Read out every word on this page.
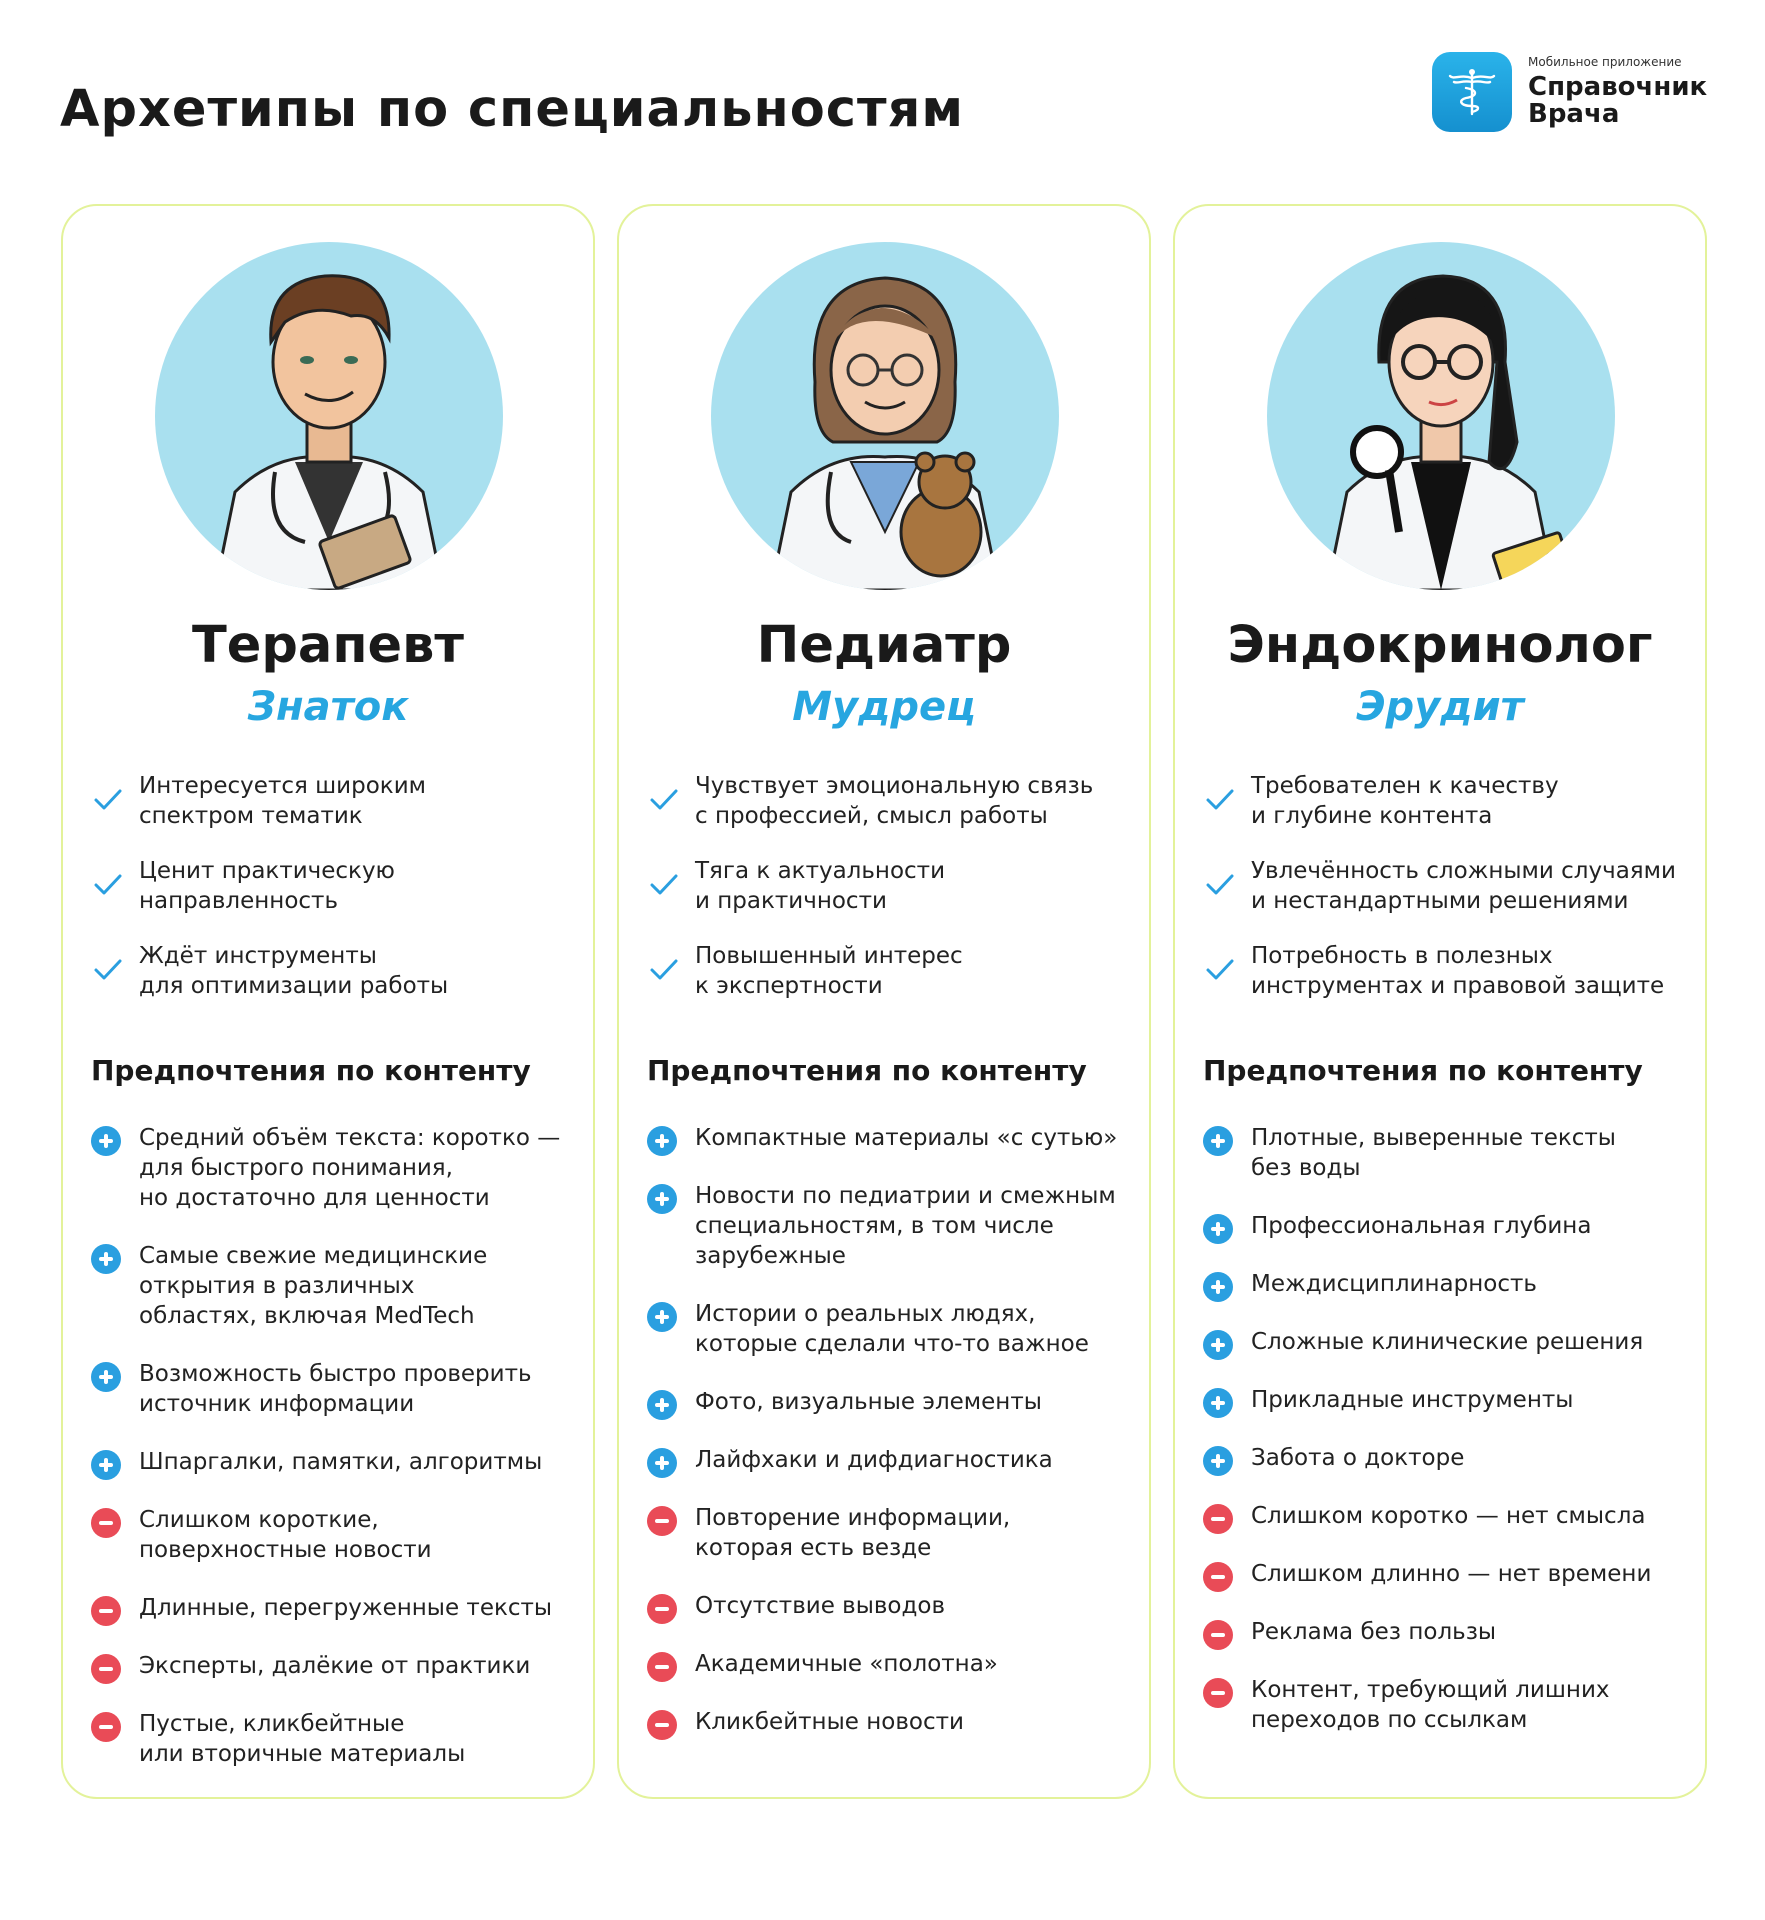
Архетипы по специальностям
Мобильное приложение
Справочник
Врача
Терапевт
Знаток
Интересуется широким
спектром тематик
Ценит практическую
направленность
Ждёт инструменты
для оптимизации работы
Предпочтения по контенту
Средний объём текста: коротко —
для быстрого понимания,
но достаточно для ценности
Самые свежие медицинские
открытия в различных
областях, включая MedTech
Возможность быстро проверить
источник информации
Шпаргалки, памятки, алгоритмы
Слишком короткие,
поверхностные новости
Длинные, перегруженные тексты
Эксперты, далёкие от практики
Пустые, кликбейтные
или вторичные материалы
Педиатр
Мудрец
Чувствует эмоциональную связь
с профессией, смысл работы
Тяга к актуальности
и практичности
Повышенный интерес
к экспертности
Предпочтения по контенту
Компактные материалы «с сутью»
Новости по педиатрии и смежным
специальностям, в том числе
зарубежные
Истории о реальных людях,
которые сделали что-то важное
Фото, визуальные элементы
Лайфхаки и дифдиагностика
Повторение информации,
которая есть везде
Отсутствие выводов
Академичные «полотна»
Кликбейтные новости
Эндокринолог
Эрудит
Требователен к качеству
и глубине контента
Увлечённость сложными случаями
и нестандартными решениями
Потребность в полезных
инструментах и правовой защите
Предпочтения по контенту
Плотные, выверенные тексты
без воды
Профессиональная глубина
Междисциплинарность
Сложные клинические решения
Прикладные инструменты
Забота о докторе
Слишком коротко — нет смысла
Слишком длинно — нет времени
Реклама без пользы
Контент, требующий лишних
переходов по ссылкам
